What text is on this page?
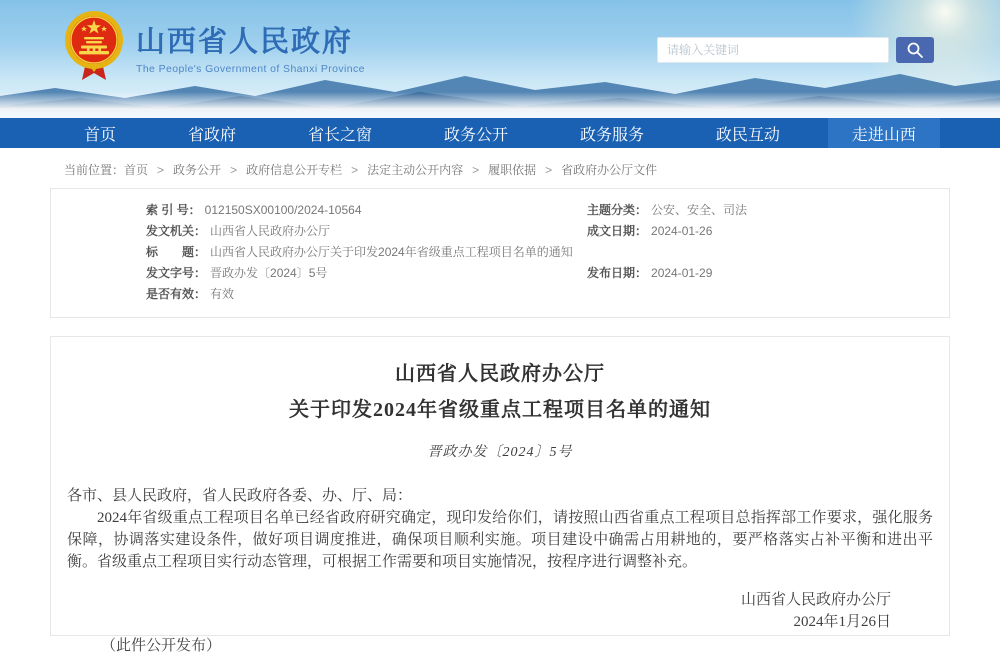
山西省人民政府
The People's Government of Shanxi Province
请输入关键词
首页	省政府	省长之窗	政务公开	政务服务	政民互动	走进山西
当前位置：首页 > 政务公开 > 政府信息公开专栏 > 法定主动公开内容 > 履职依据 > 省政府办公厅文件
索 引 号： 012150SX00100/2024-10564	主题分类： 公安、安全、司法
发文机关： 山西省人民政府办公厅	成文日期： 2024-01-26
标　　题： 山西省人民政府办公厅关于印发2024年省级重点工程项目名单的通知
发文字号： 晋政办发〔2024〕5号	发布日期： 2024-01-29
是否有效： 有效
山西省人民政府办公厅
关于印发2024年省级重点工程项目名单的通知
晋政办发〔2024〕5号
各市、县人民政府，省人民政府各委、办、厅、局：
2024年省级重点工程项目名单已经省政府研究确定，现印发给你们，请按照山西省重点工程项目总指挥部工作要求，强化服务保障，协调落实建设条件，做好项目调度推进，确保项目顺利实施。项目建设中确需占用耕地的，要严格落实占补平衡和进出平衡。省级重点工程项目实行动态管理，可根据工作需要和项目实施情况，按程序进行调整补充。
山西省人民政府办公厅
2024年1月26日
（此件公开发布）
